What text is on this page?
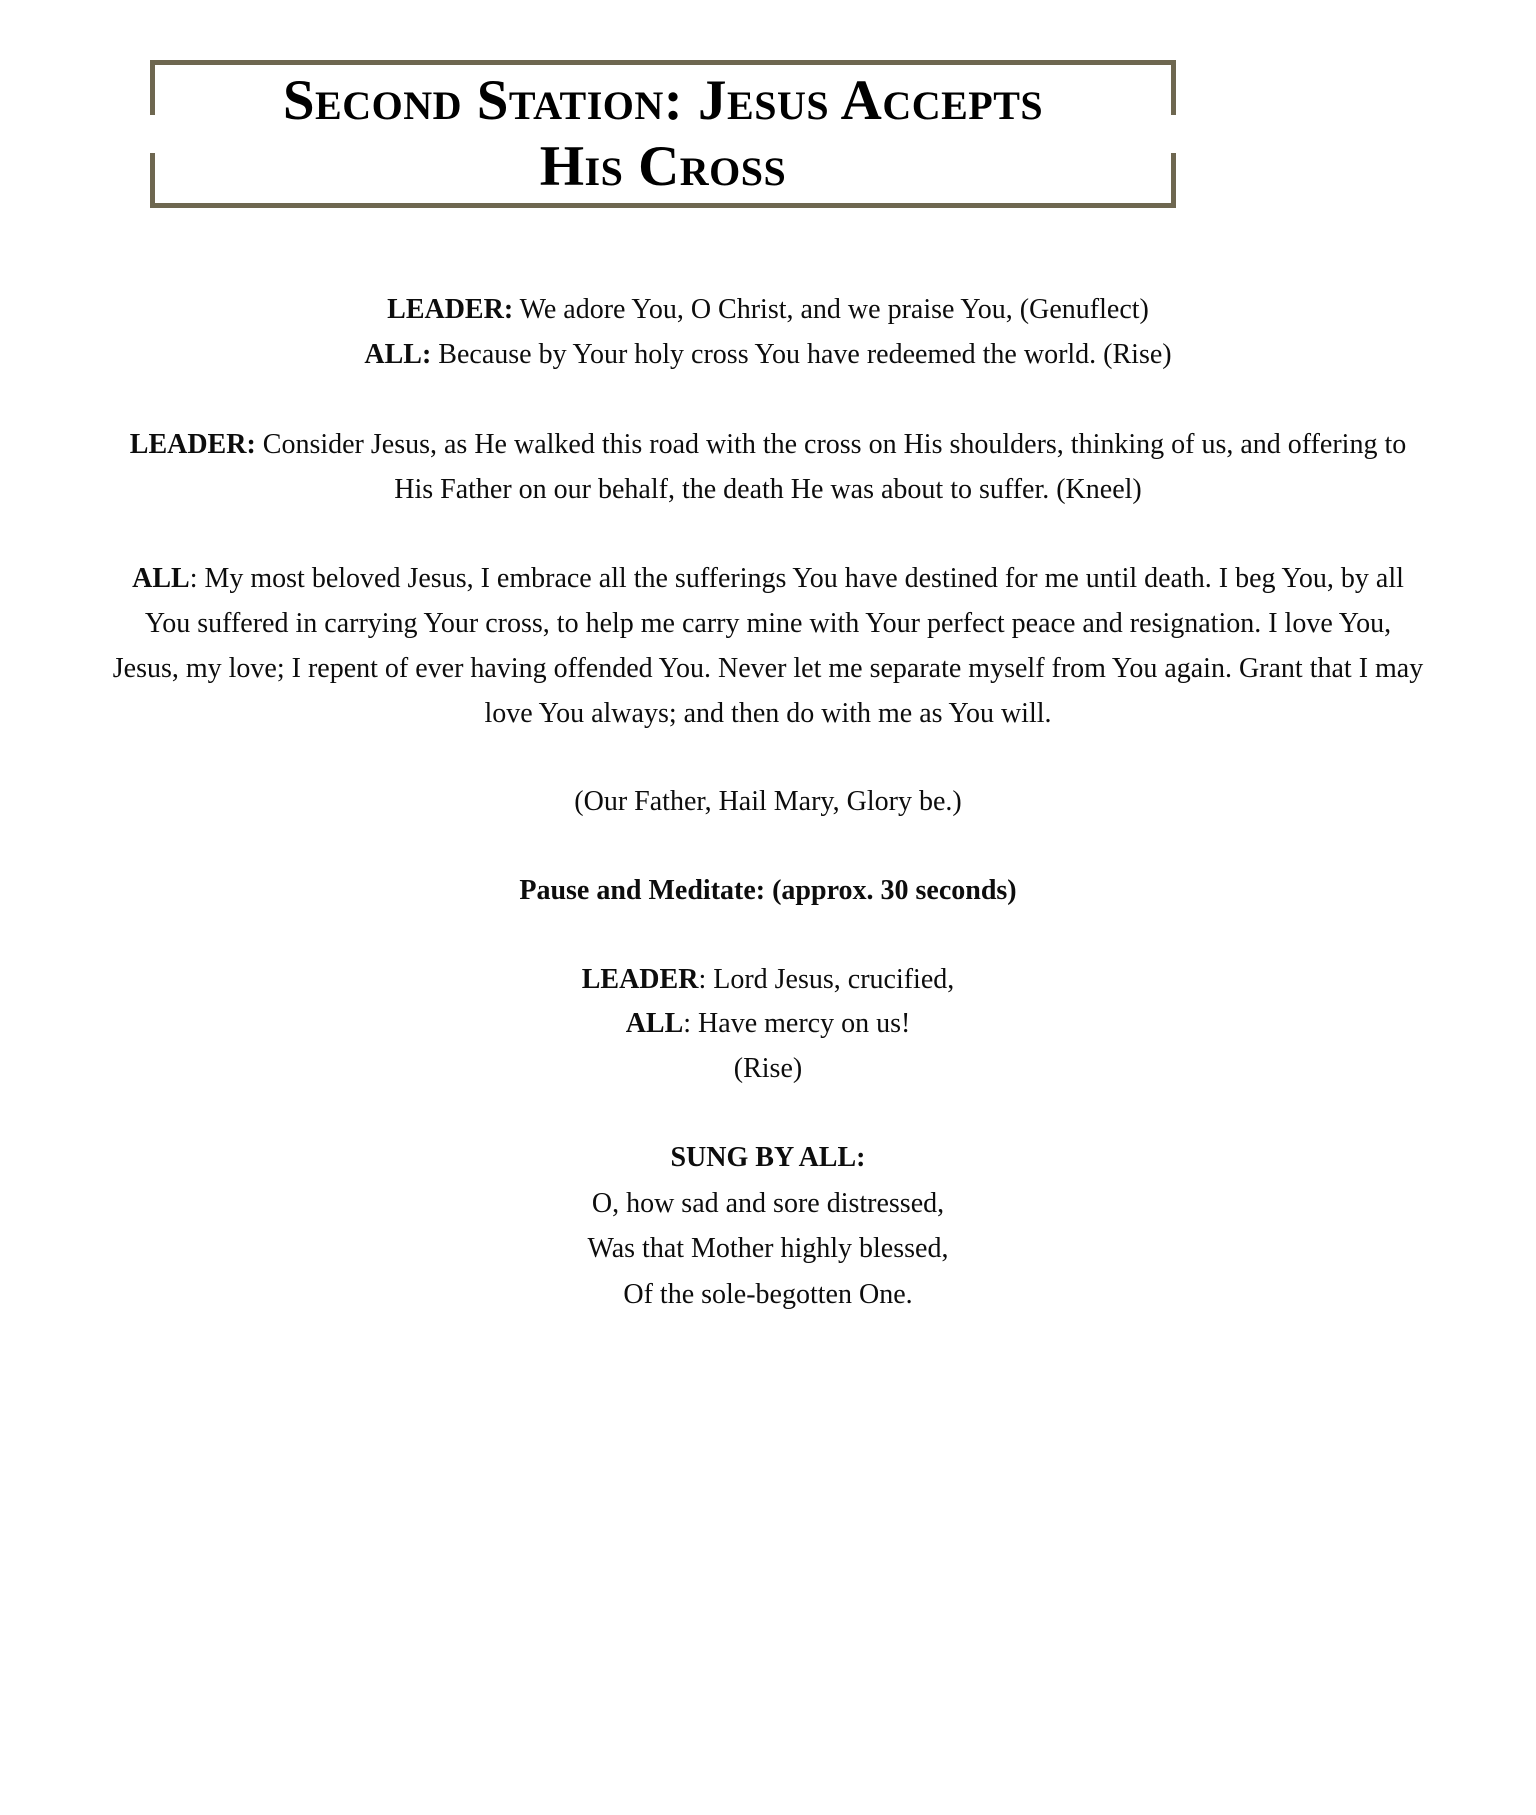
Second Station: Jesus Accepts
His Cross
LEADER: We adore You, O Christ, and we praise You, (Genuflect)
ALL: Because by Your holy cross You have redeemed the world. (Rise)
LEADER: Consider Jesus, as He walked this road with the cross on His shoulders, thinking of us, and offering to His Father on our behalf, the death He was about to suffer. (Kneel)
ALL: My most beloved Jesus, I embrace all the sufferings You have destined for me until death. I beg You, by all You suffered in carrying Your cross, to help me carry mine with Your perfect peace and resignation. I love You, Jesus, my love; I repent of ever having offended You. Never let me separate myself from You again. Grant that I may love You always; and then do with me as You will.
(Our Father, Hail Mary, Glory be.)
Pause and Meditate: (approx. 30 seconds)
LEADER: Lord Jesus, crucified,
ALL: Have mercy on us!
(Rise)
SUNG BY ALL:
O, how sad and sore distressed,
Was that Mother highly blessed,
Of the sole-begotten One.
